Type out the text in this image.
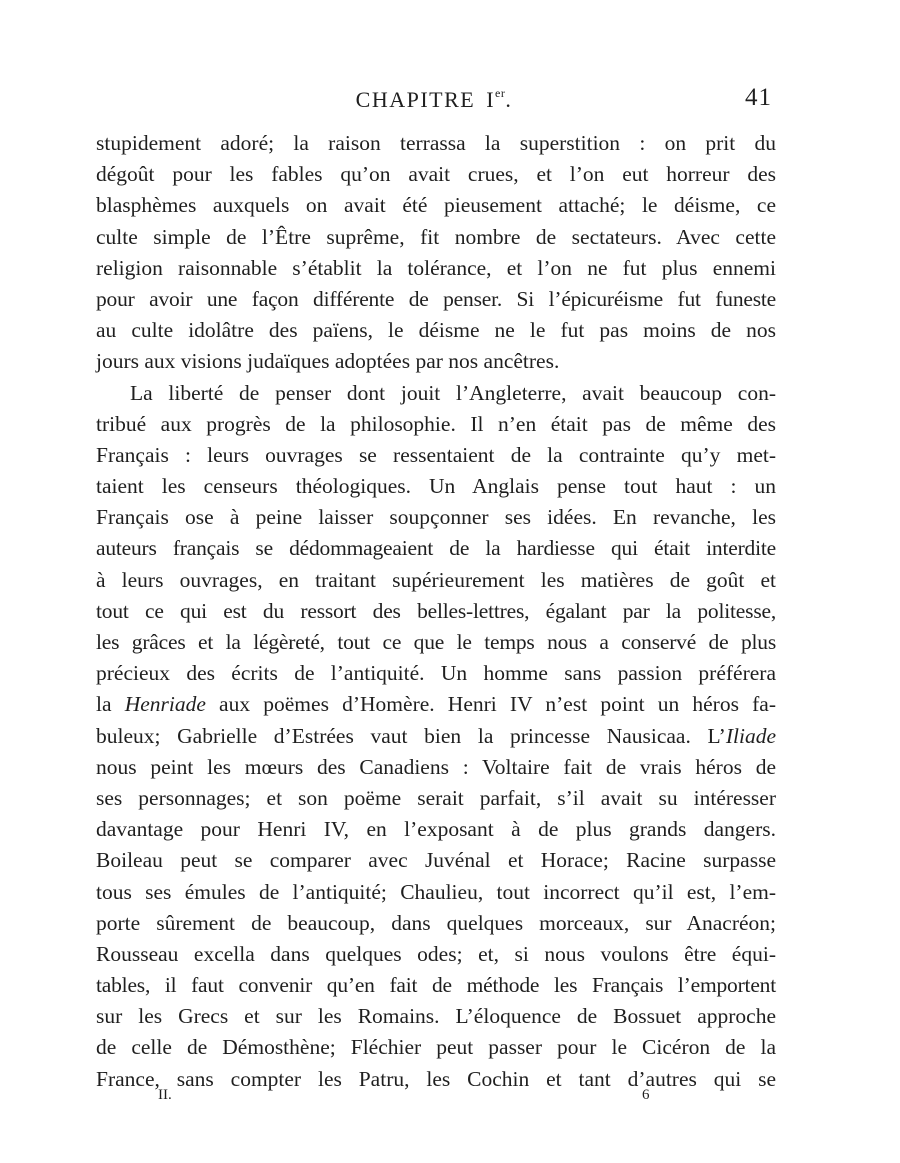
CHAPITRE Ier.	41
stupidement adoré; la raison terrassa la superstition : on prit du
dégoût pour les fables qu’on avait crues, et l’on eut horreur des
blasphèmes auxquels on avait été pieusement attaché; le déisme, ce
culte simple de l’Être suprême, fit nombre de sectateurs. Avec cette
religion raisonnable s’établit la tolérance, et l’on ne fut plus ennemi
pour avoir une façon différente de penser. Si l’épicuréisme fut funeste
au culte idolâtre des païens, le déisme ne le fut pas moins de nos
jours aux visions judaïques adoptées par nos ancêtres.
La liberté de penser dont jouit l’Angleterre, avait beaucoup con-
tribué aux progrès de la philosophie. Il n’en était pas de même des
Français : leurs ouvrages se ressentaient de la contrainte qu’y met-
taient les censeurs théologiques. Un Anglais pense tout haut : un
Français ose à peine laisser soupçonner ses idées. En revanche, les
auteurs français se dédommageaient de la hardiesse qui était interdite
à leurs ouvrages, en traitant supérieurement les matières de goût et
tout ce qui est du ressort des belles-lettres, égalant par la politesse,
les grâces et la légèreté, tout ce que le temps nous a conservé de plus
précieux des écrits de l’antiquité. Un homme sans passion préférera
la Henriade aux poëmes d’Homère. Henri IV n’est point un héros fa-
buleux; Gabrielle d’Estrées vaut bien la princesse Nausicaa. L’Iliade
nous peint les mœurs des Canadiens : Voltaire fait de vrais héros de
ses personnages; et son poëme serait parfait, s’il avait su intéresser
davantage pour Henri IV, en l’exposant à de plus grands dangers.
Boileau peut se comparer avec Juvénal et Horace; Racine surpasse
tous ses émules de l’antiquité; Chaulieu, tout incorrect qu’il est, l’em-
porte sûrement de beaucoup, dans quelques morceaux, sur Anacréon;
Rousseau excella dans quelques odes; et, si nous voulons être équi-
tables, il faut convenir qu’en fait de méthode les Français l’emportent
sur les Grecs et sur les Romains. L’éloquence de Bossuet approche
de celle de Démosthène; Fléchier peut passer pour le Cicéron de la
France, sans compter les Patru, les Cochin et tant d’autres qui se
II.	6
